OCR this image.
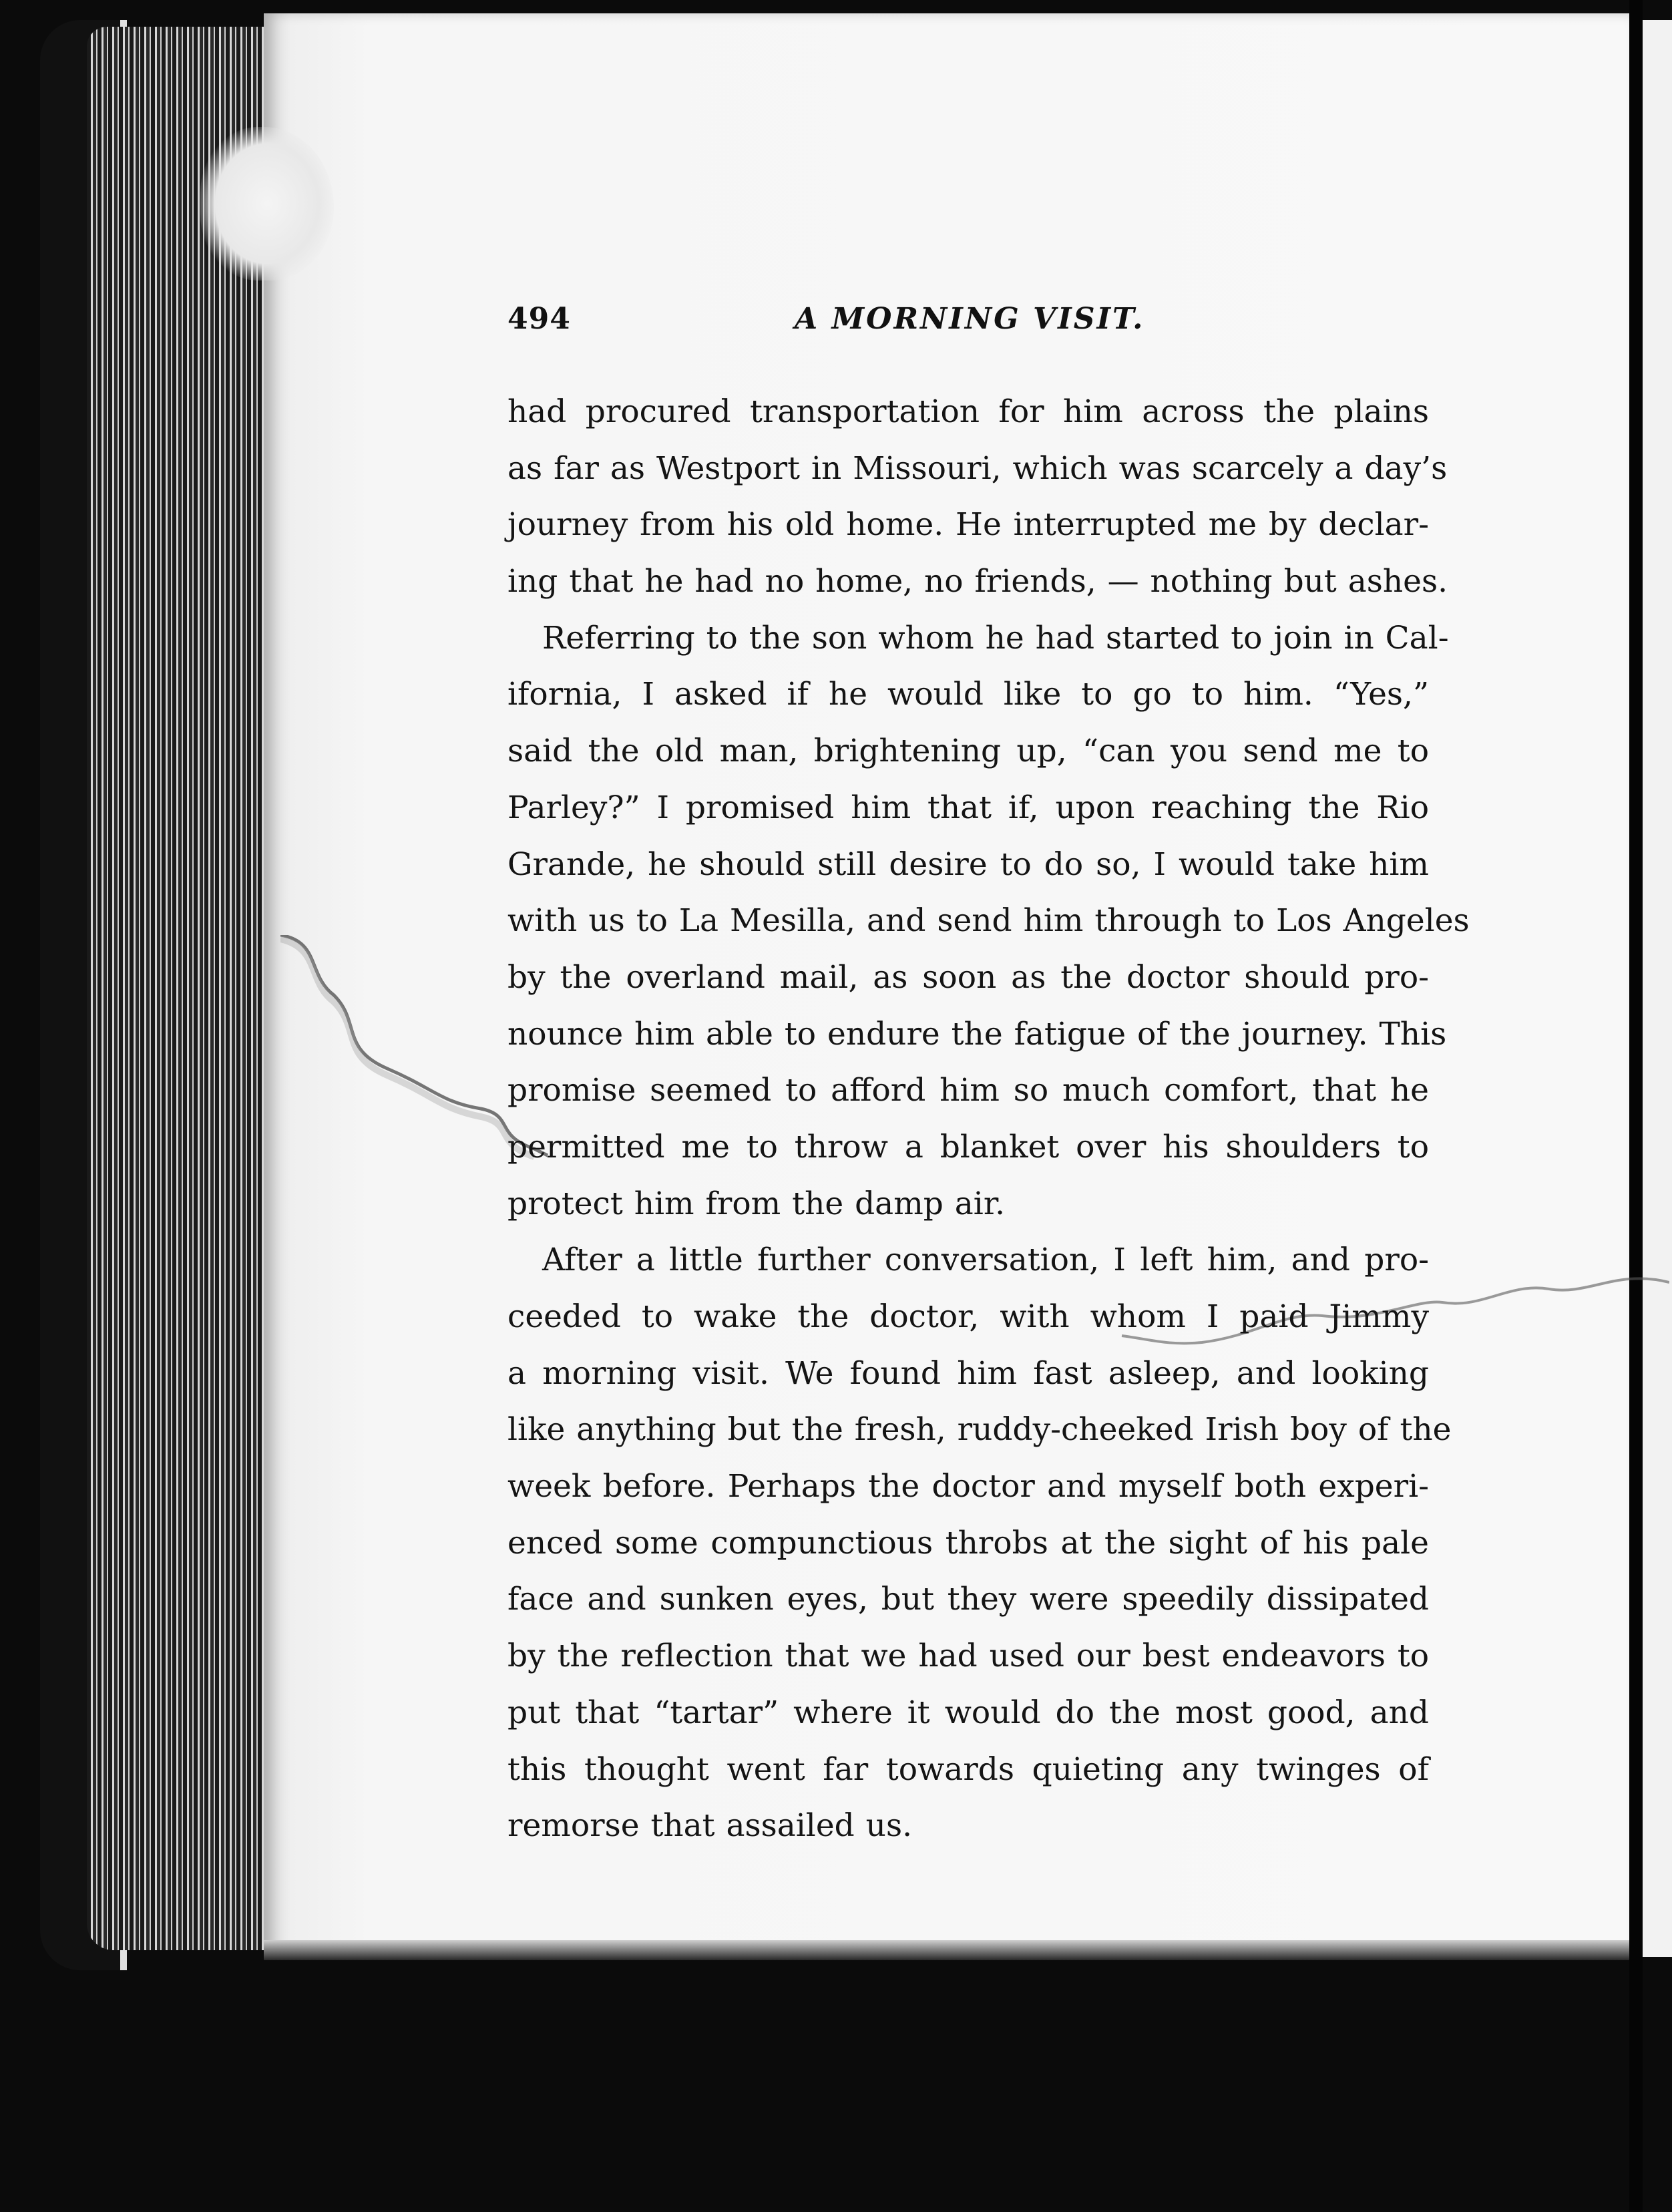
494	A MORNING VISIT.
had procured transportation for him across the plains
as far as Westport in Missouri, which was scarcely a day’s
journey from his old home. He interrupted me by declar-
ing that he had no home, no friends, — nothing but ashes.
Referring to the son whom he had started to join in Cal-
ifornia, I asked if he would like to go to him. “Yes,”
said the old man, brightening up, “can you send me to
Parley?” I promised him that if, upon reaching the Rio
Grande, he should still desire to do so, I would take him
with us to La Mesilla, and send him through to Los Angeles
by the overland mail, as soon as the doctor should pro-
nounce him able to endure the fatigue of the journey. This
promise seemed to afford him so much comfort, that he
permitted me to throw a blanket over his shoulders to
protect him from the damp air.
After a little further conversation, I left him, and pro-
ceeded to wake the doctor, with whom I paid Jimmy
a morning visit. We found him fast asleep, and looking
like anything but the fresh, ruddy-cheeked Irish boy of the
week before. Perhaps the doctor and myself both experi-
enced some compunctious throbs at the sight of his pale
face and sunken eyes, but they were speedily dissipated
by the reflection that we had used our best endeavors to
put that “tartar” where it would do the most good, and
this thought went far towards quieting any twinges of
remorse that assailed us.
